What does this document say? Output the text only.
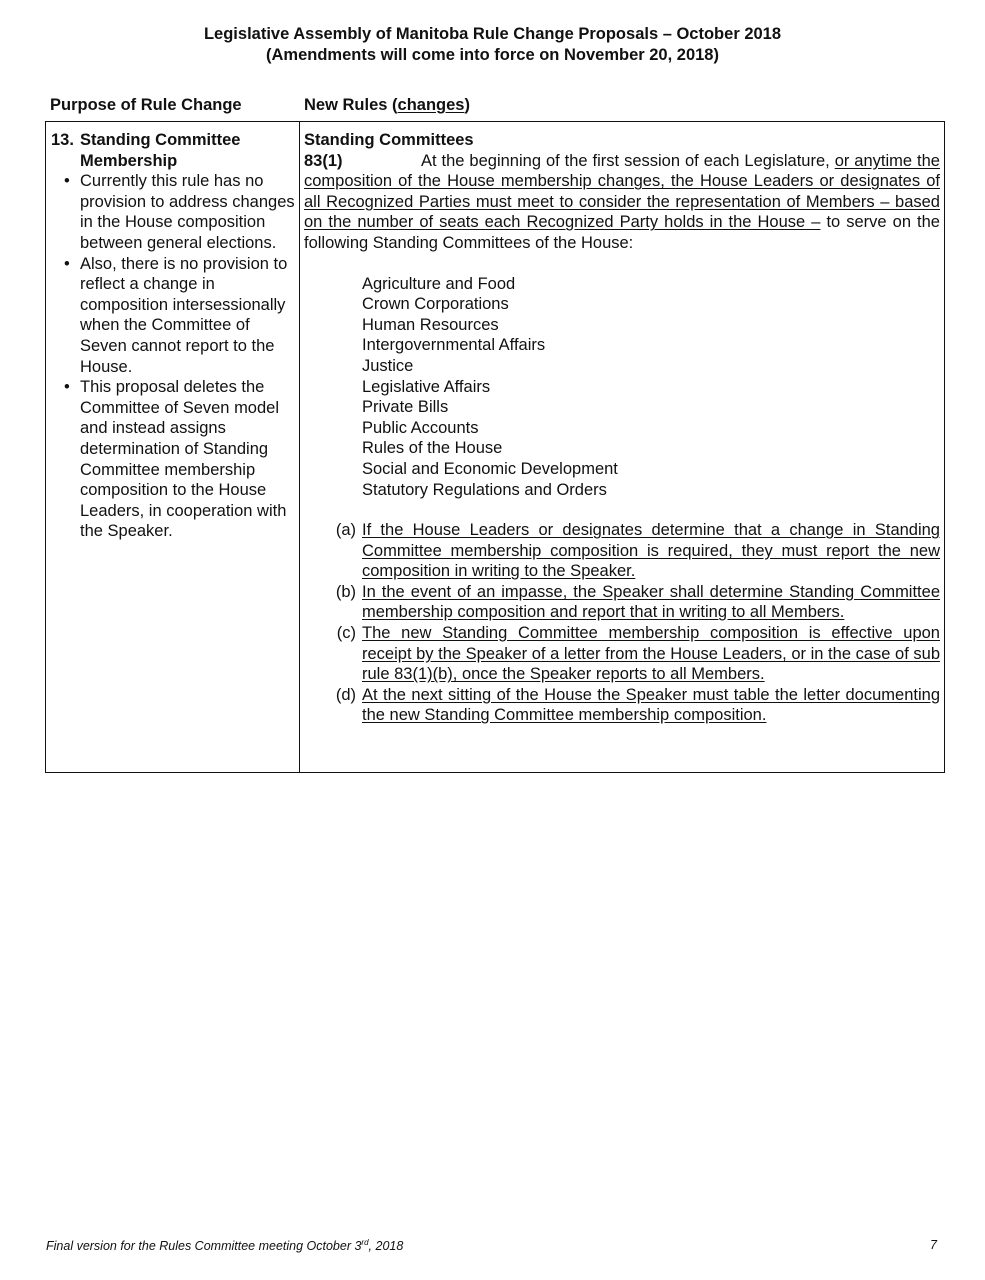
Legislative Assembly of Manitoba Rule Change Proposals – October 2018
(Amendments will come into force on November 20, 2018)
Purpose of Rule Change	New Rules (changes)
13. Standing Committee Membership
• Currently this rule has no provision to address changes in the House composition between general elections.
• Also, there is no provision to reflect a change in composition intersessionally when the Committee of Seven cannot report to the House.
• This proposal deletes the Committee of Seven model and instead assigns determination of Standing Committee membership composition to the House Leaders, in cooperation with the Speaker.
Standing Committees
83(1)	At the beginning of the first session of each Legislature, or anytime the composition of the House membership changes, the House Leaders or designates of all Recognized Parties must meet to consider the representation of Members – based on the number of seats each Recognized Party holds in the House – to serve on the following Standing Committees of the House:
Agriculture and Food
Crown Corporations
Human Resources
Intergovernmental Affairs
Justice
Legislative Affairs
Private Bills
Public Accounts
Rules of the House
Social and Economic Development
Statutory Regulations and Orders
(a) If the House Leaders or designates determine that a change in Standing Committee membership composition is required, they must report the new composition in writing to the Speaker.
(b) In the event of an impasse, the Speaker shall determine Standing Committee membership composition and report that in writing to all Members.
(c) The new Standing Committee membership composition is effective upon receipt by the Speaker of a letter from the House Leaders, or in the case of sub rule 83(1)(b), once the Speaker reports to all Members.
(d) At the next sitting of the House the Speaker must table the letter documenting the new Standing Committee membership composition.
Final version for the Rules Committee meeting October 3rd, 2018	7
